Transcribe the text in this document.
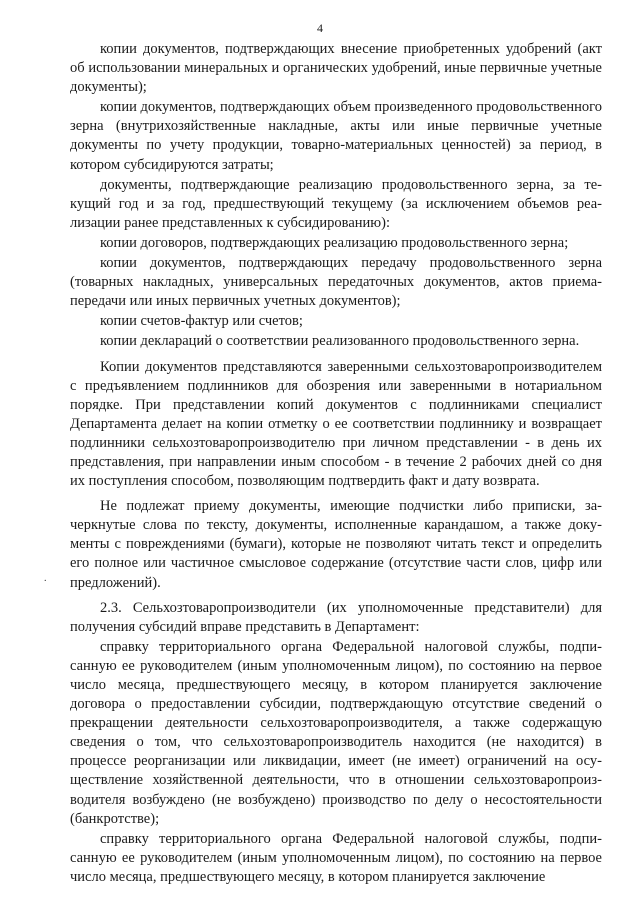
4
.

копии документов, подтверждающих внесение приобретенных удобрений (акт об использовании минеральных и органических удобрений, иные первичные учетные документы);

копии документов, подтверждающих объем произведенного продовольственного зерна (внутрихозяйственные накладные, акты или иные первичные учетные документы по учету продукции, товарно-материальных ценностей) за период, в котором субсидируются затраты;

документы, подтверждающие реализацию продовольственного зерна, за текущий год и за год, предшествующий текущему (за исключением объемов реализации ранее представленных к субсидированию):

копии договоров, подтверждающих реализацию продовольственного зерна;

копии документов, подтверждающих передачу продовольственного зерна (товарных накладных, универсальных передаточных документов, актов приема-передачи или иных первичных учетных документов);

копии счетов-фактур или счетов;

копии деклараций о соответствии реализованного продовольственного зерна.

Копии документов представляются заверенными сельхозтоваропроизводителем с предъявлением подлинников для обозрения или заверенными в нотариальном порядке. При представлении копий документов с подлинниками специалист Департамента делает на копии отметку о ее соответствии подлиннику и возвращает подлинники сельхозтоваропроизводителю при личном представлении - в день их представления, при направлении иным способом - в течение 2 рабочих дней со дня их поступления способом, позволяющим подтвердить факт и дату возврата.

Не подлежат приему документы, имеющие подчистки либо приписки, зачеркнутые слова по тексту, документы, исполненные карандашом, а также документы с повреждениями (бумаги), которые не позволяют читать текст и определить его полное или частичное смысловое содержание (отсутствие части слов, цифр или предложений).

2.3. Сельхозтоваропроизводители (их уполномоченные представители) для получения субсидий вправе представить в Департамент:

справку территориального органа Федеральной налоговой службы, подписанную ее руководителем (иным уполномоченным лицом), по состоянию на первое число месяца, предшествующего месяцу, в котором планируется заключение договора о предоставлении субсидии, подтверждающую отсутствие сведений о прекращении деятельности сельхозтоваропроизводителя, а также содержащую сведения о том, что сельхозтоваропроизводитель находится (не находится) в процессе реорганизации или ликвидации, имеет (не имеет) ограничений на осуществление хозяйственной деятельности, что в отношении сельхозтоваропроизводителя возбуждено (не возбуждено) производство по делу о несостоятельности (банкротстве);

справку территориального органа Федеральной налоговой службы, подписанную ее руководителем (иным уполномоченным лицом), по состоянию на первое число месяца, предшествующего месяцу, в котором планируется заключение
